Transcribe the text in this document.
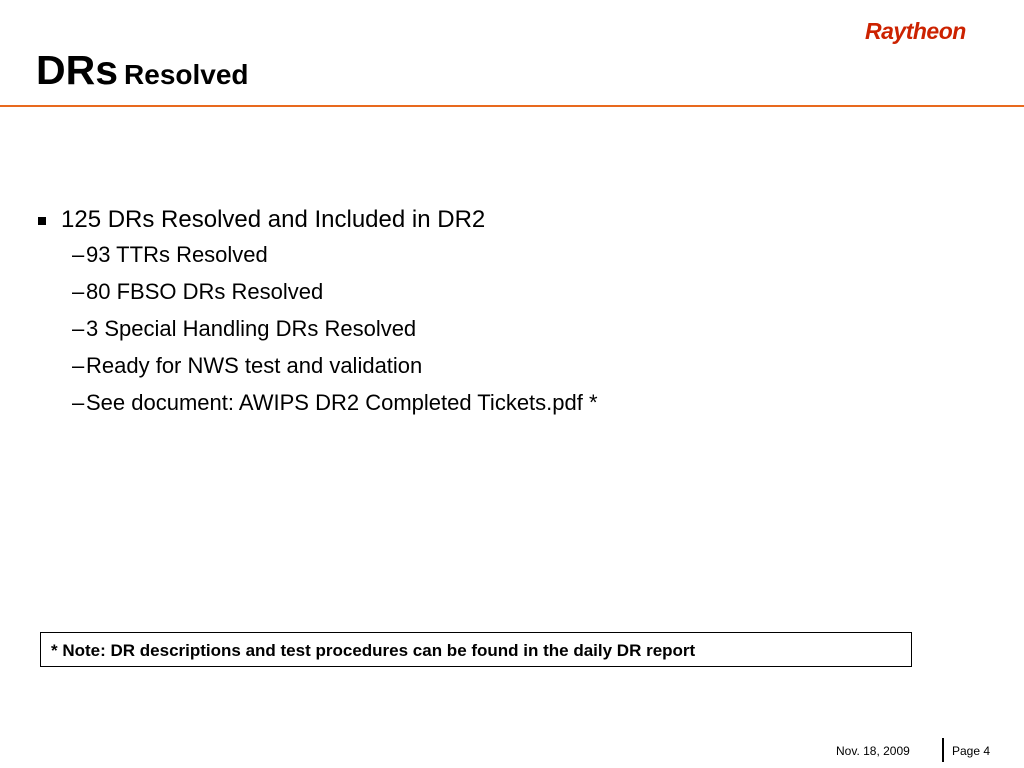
Raytheon
DRs Resolved
125 DRs Resolved and Included in DR2
– 93 TTRs Resolved
– 80 FBSO DRs Resolved
– 3 Special Handling DRs Resolved
– Ready for NWS test and validation
– See document: AWIPS DR2 Completed Tickets.pdf *
* Note: DR descriptions and test procedures can be found in the daily DR report
Nov. 18, 2009	Page 4
